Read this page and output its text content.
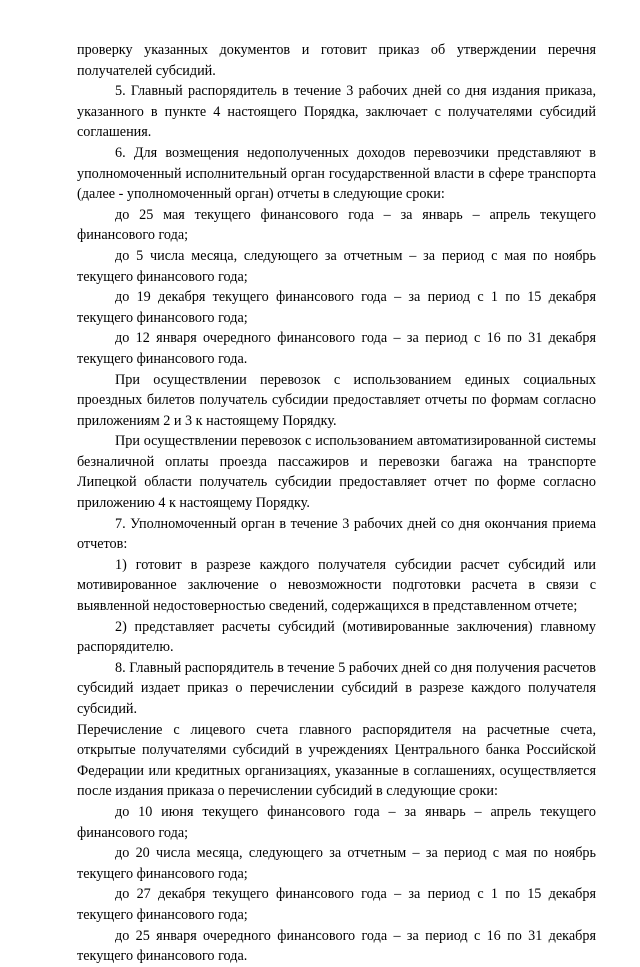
проверку указанных документов и готовит приказ об утверждении перечня получателей субсидий.

5. Главный распорядитель в течение 3 рабочих дней со дня издания приказа, указанного в пункте 4 настоящего Порядка, заключает с получателями субсидий соглашения.

6. Для возмещения недополученных доходов перевозчики представляют в уполномоченный исполнительный орган государственной власти в сфере транспорта (далее - уполномоченный орган) отчеты в следующие сроки:

до 25 мая текущего финансового года – за январь – апрель текущего финансового года;

до 5 числа месяца, следующего за отчетным – за период с мая по ноябрь текущего финансового года;

до 19 декабря текущего финансового года – за период с 1 по 15 декабря текущего финансового года;

до 12 января очередного финансового года – за период с 16 по 31 декабря текущего финансового года.

При осуществлении перевозок с использованием единых социальных проездных билетов получатель субсидии предоставляет отчеты по формам согласно приложениям 2 и 3 к настоящему Порядку.

При осуществлении перевозок с использованием автоматизированной системы безналичной оплаты проезда пассажиров и перевозки багажа на транспорте Липецкой области получатель субсидии предоставляет отчет по форме согласно приложению 4 к настоящему Порядку.

7. Уполномоченный орган в течение 3 рабочих дней со дня окончания приема отчетов:

1) готовит в разрезе каждого получателя субсидии расчет субсидий или мотивированное заключение о невозможности подготовки расчета в связи с выявленной недостоверностью сведений, содержащихся в представленном отчете;

2) представляет расчеты субсидий (мотивированные заключения) главному распорядителю.

8. Главный распорядитель в течение 5 рабочих дней со дня получения расчетов субсидий издает приказ о перечислении субсидий в разрезе каждого получателя субсидий.

Перечисление с лицевого счета главного распорядителя на расчетные счета, открытые получателями субсидий в учреждениях Центрального банка Российской Федерации или кредитных организациях, указанные в соглашениях, осуществляется после издания приказа о перечислении субсидий в следующие сроки:

до 10 июня текущего финансового года – за январь – апрель текущего финансового года;

до 20 числа месяца, следующего за отчетным – за период с мая по ноябрь текущего финансового года;

до 27 декабря текущего финансового года – за период с 1 по 15 декабря текущего финансового года;

до 25 января очередного финансового года – за период с 16 по 31 декабря текущего финансового года.
